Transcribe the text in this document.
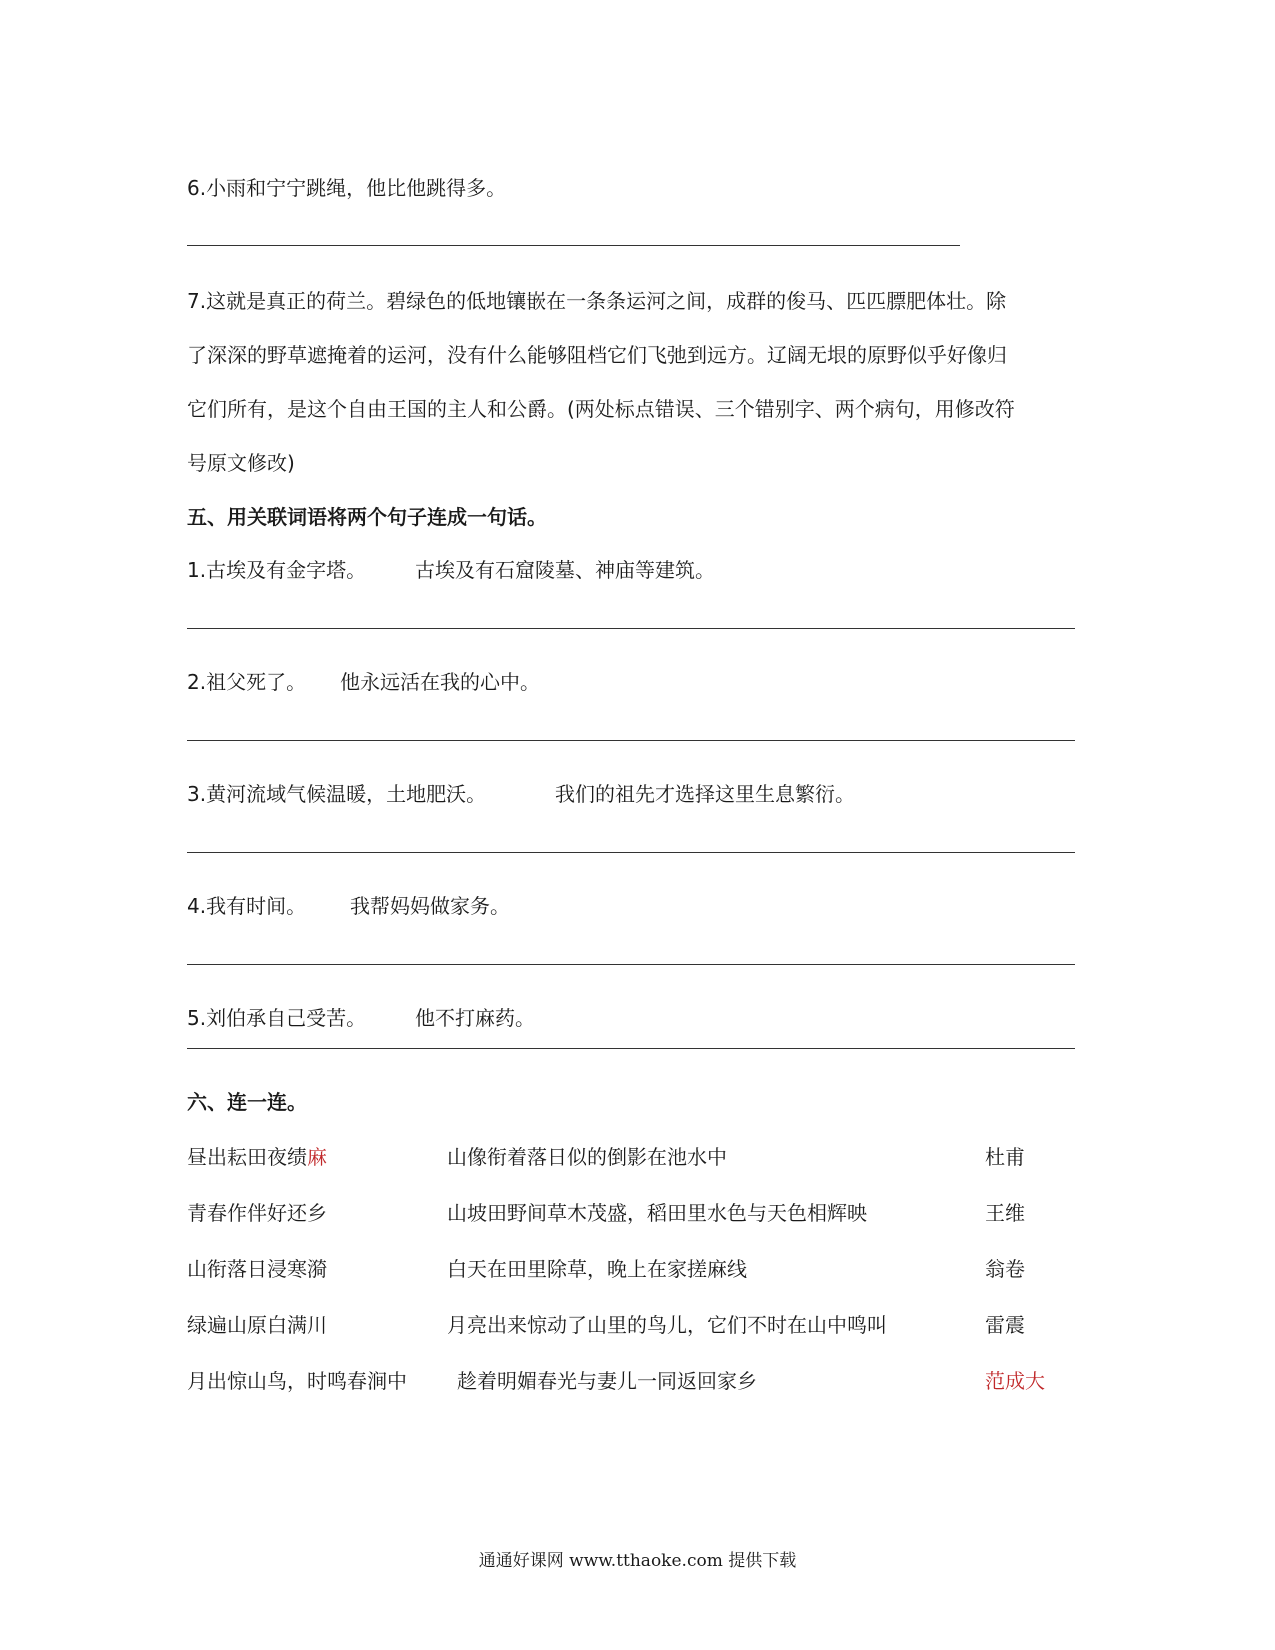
6.小雨和宁宁跳绳，他比他跳得多。
7.这就是真正的荷兰。碧绿色的低地镶嵌在一条条运河之间，成群的俊马、匹匹膘肥体壮。除
了深深的野草遮掩着的运河，没有什么能够阻档它们飞弛到远方。辽阔无垠的原野似乎好像归
它们所有，是这个自由王国的主人和公爵。(两处标点错误、三个错别字、两个病句，用修改符
号原文修改)
五、用关联词语将两个句子连成一句话。
1.古埃及有金字塔。 古埃及有石窟陵墓、神庙等建筑。
2.祖父死了。 他永远活在我的心中。
3.黄河流域气候温暖，土地肥沃。	我们的祖先才选择这里生息繁衍。
4.我有时间。 我帮妈妈做家务。
5.刘伯承自己受苦。 他不打麻药。
六、连一连。
昼出耘田夜绩麻	山像衔着落日似的倒影在池水中	杜甫
青春作伴好还乡	山坡田野间草木茂盛，稻田里水色与天色相辉映	王维
山衔落日浸寒漪	白天在田里除草，晚上在家搓麻线	翁卷
绿遍山原白满川	月亮出来惊动了山里的鸟儿，它们不时在山中鸣叫	雷震
月出惊山鸟，时鸣春涧中	趁着明媚春光与妻儿一同返回家乡	范成大
通通好课网 www.tthaoke.com 提供下载
